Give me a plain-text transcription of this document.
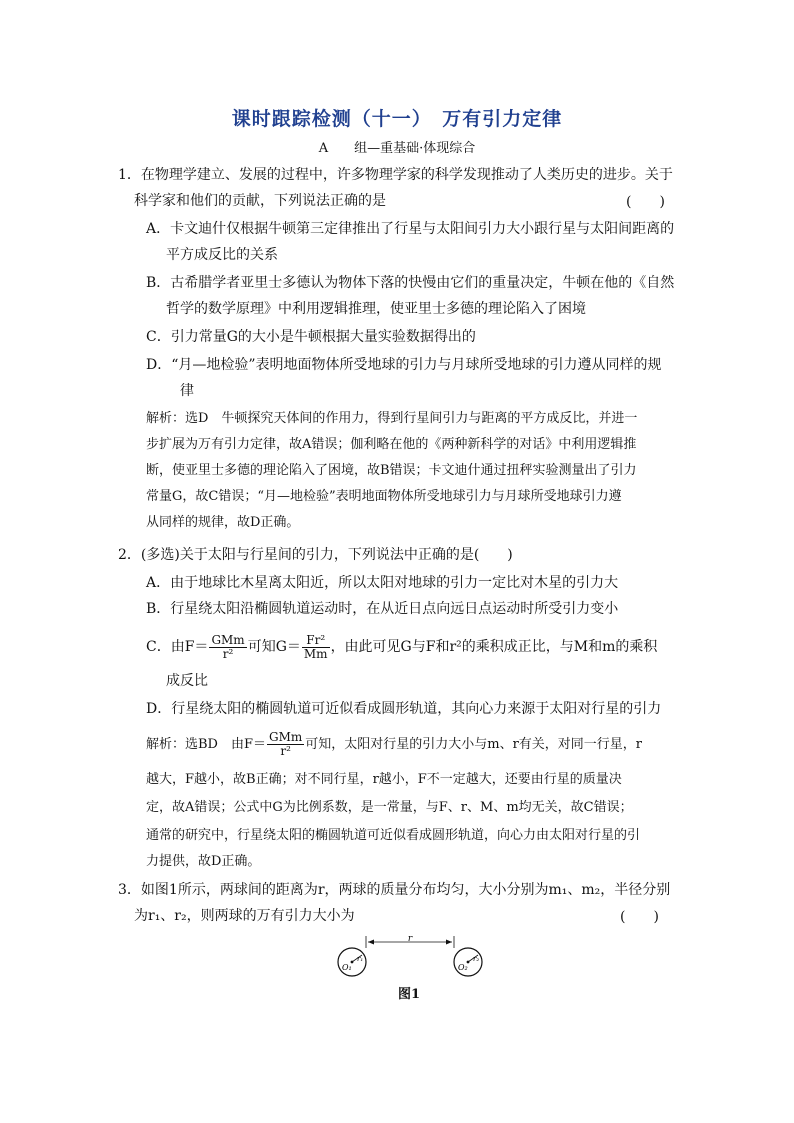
课时跟踪检测（十一）　万有引力定律
A　　组—重基础·体现综合
1．在物理学建立、发展的过程中，许多物理学家的科学发现推动了人类历史的进步。关于
科学家和他们的贡献，下列说法正确的是	(　　)
A．卡文迪什仅根据牛顿第三定律推出了行星与太阳间引力大小跟行星与太阳间距离的
平方成反比的关系
B．古希腊学者亚里士多德认为物体下落的快慢由它们的重量决定，牛顿在他的《自然
哲学的数学原理》中利用逻辑推理，使亚里士多德的理论陷入了困境
C．引力常量G的大小是牛顿根据大量实验数据得出的
D．“月—地检验”表明地面物体所受地球的引力与月球所受地球的引力遵从同样的规
律
解析：选D　牛顿探究天体间的作用力，得到行星间引力与距离的平方成反比，并进一
步扩展为万有引力定律，故A错误；伽利略在他的《两种新科学的对话》中利用逻辑推
断，使亚里士多德的理论陷入了困境，故B错误；卡文迪什通过扭秤实验测量出了引力
常量G，故C错误；“月—地检验”表明地面物体所受地球引力与月球所受地球引力遵
从同样的规律，故D正确。
2．(多选)关于太阳与行星间的引力，下列说法中正确的是(　　)
A．由于地球比木星离太阳近，所以太阳对地球的引力一定比对木星的引力大
B．行星绕太阳沿椭圆轨道运动时，在从近日点向远日点运动时所受引力变小
C．由$F= \frac{\text{GMm}}{\text{r²}}$ 可知$G= \frac{\text{Fr²}}{Mm}$ ，由此可见G与F和r²的乘积成正比，与M和m的乘积
成反比
D．行星绕太阳的椭圆轨道可近似看成圆形轨道，其向心力来源于太阳对行星的引力
解析：选BD　由$F= \frac{\text{GMm}}{\text{r²}}$ 可知，太阳对行星的引力大小与m、r有关，对同一行星，r
越大，F越小，故B正确；对不同行星，r越小，F不一定越大，还要由行星的质量决
定，故A错误；公式中G为比例系数，是一常量，与F、r、M、m均无关，故C错误；
通常的研究中，行星绕太阳的椭圆轨道可近似看成圆形轨道，向心力由太阳对行星的引
力提供，故D正确。
3．如图1所示，两球间的距离为r，两球的质量分布均匀，大小分别为m₁、m₂，半径分别
为r₁、r₂，则两球的万有引力大小为	(　　)
r
O₁
r₁
O₂
r₂
图1
